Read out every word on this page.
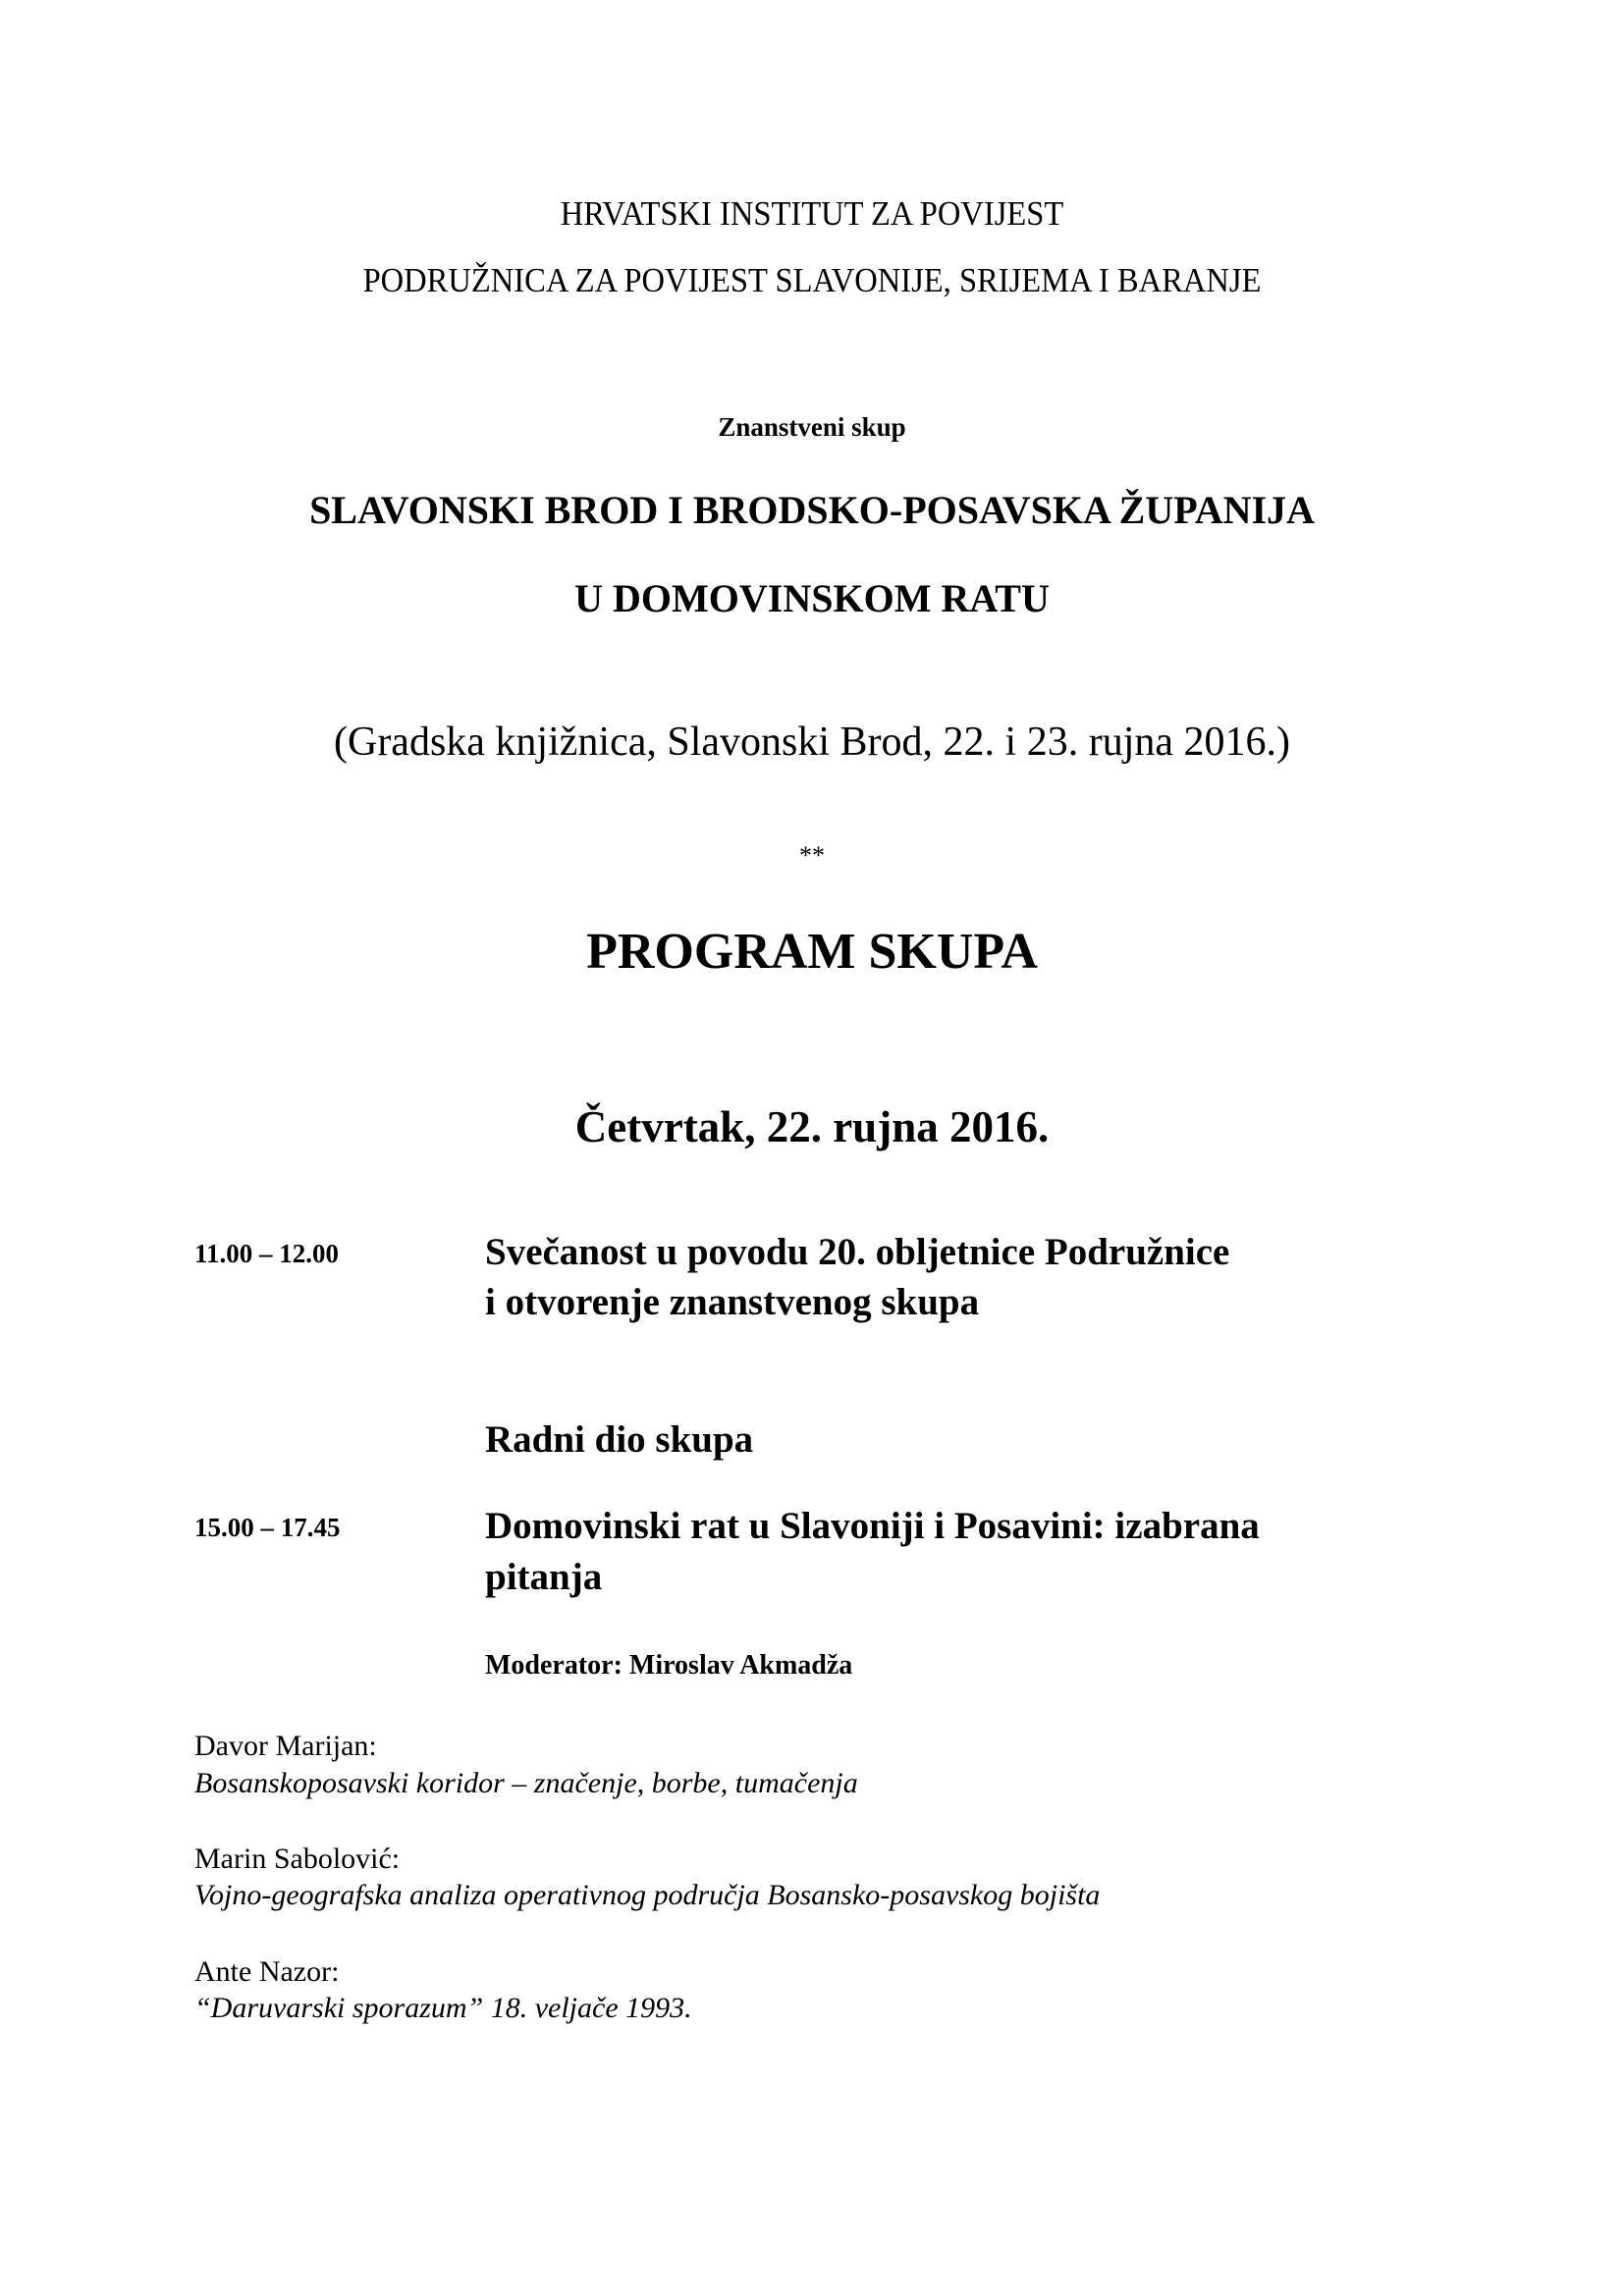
HRVATSKI INSTITUT ZA POVIJEST
PODRUŽNICA ZA POVIJEST SLAVONIJE, SRIJEMA I BARANJE
Znanstveni skup
SLAVONSKI BROD I BRODSKO-POSAVSKA ŽUPANIJA
U DOMOVINSKOM RATU
(Gradska knjižnica, Slavonski Brod, 22. i 23. rujna 2016.)
**
PROGRAM SKUPA
Četvrtak, 22. rujna 2016.
11.00 – 12.00	Svečanost u povodu 20. obljetnice Podružnice
i otvorenje znanstvenog skupa
Radni dio skupa
15.00 – 17.45	Domovinski rat u Slavoniji i Posavini: izabrana
pitanja
Moderator: Miroslav Akmadža
Davor Marijan:
Bosanskoposavski koridor – značenje, borbe, tumačenja
Marin Sabolović:
Vojno-geografska analiza operativnog područja Bosansko-posavskog bojišta
Ante Nazor:
“Daruvarski sporazum” 18. veljače 1993.
